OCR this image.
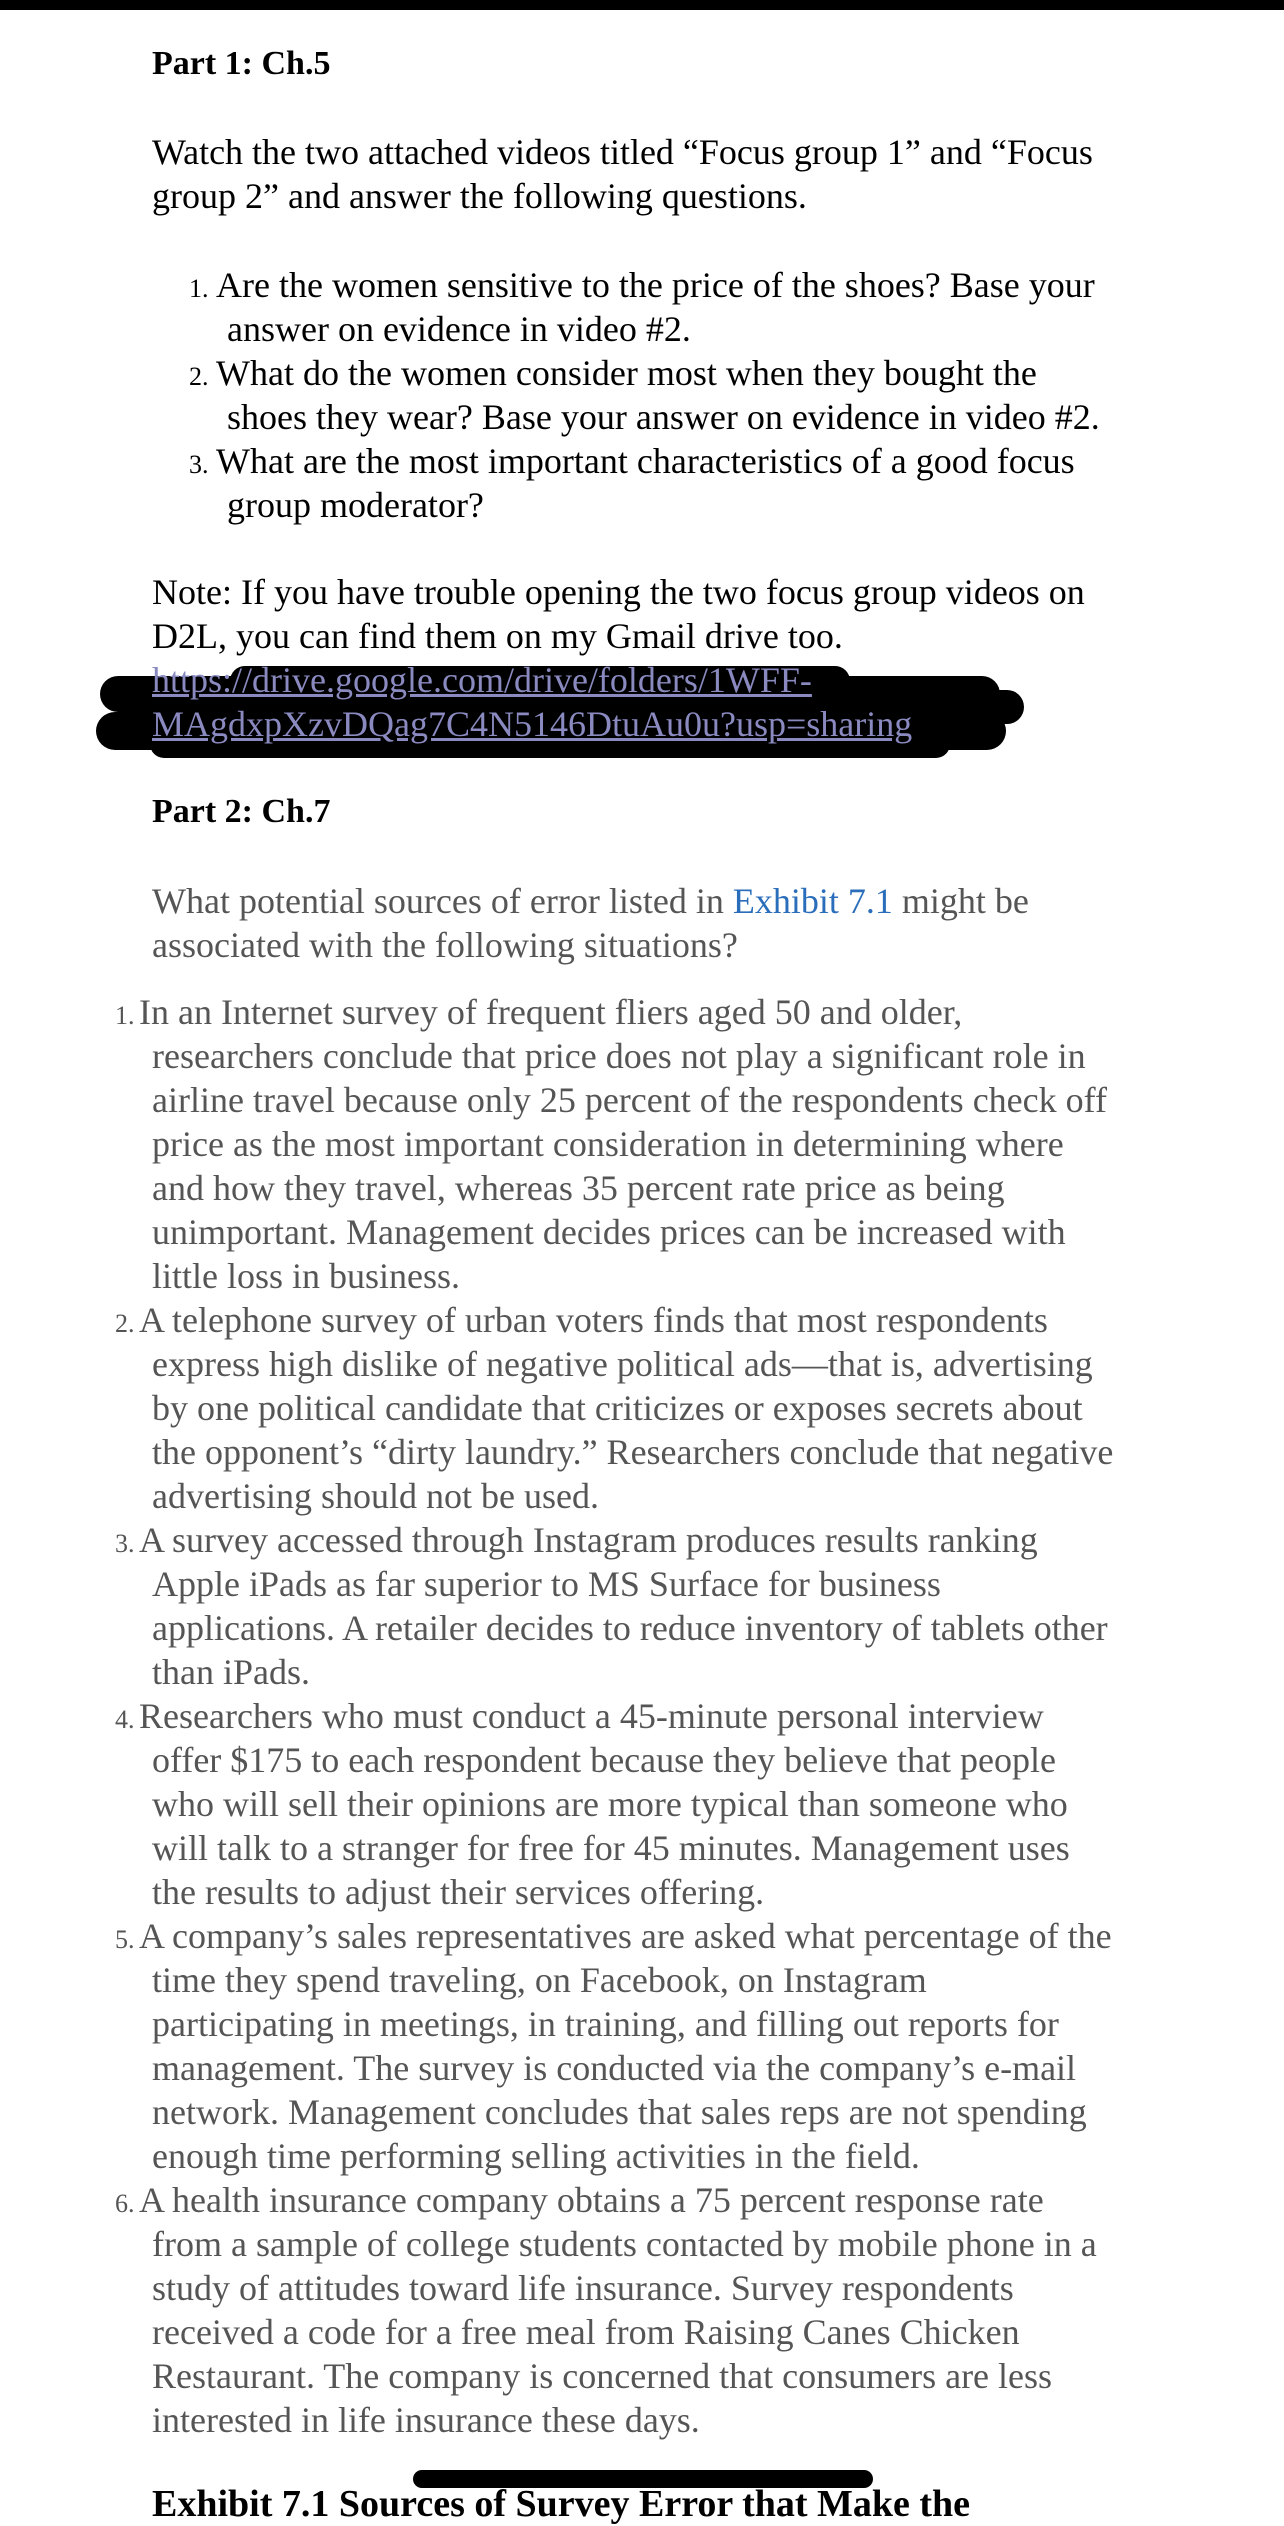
Part 1: Ch.5
Watch the two attached videos titled “Focus group 1” and “Focus
group 2” and answer the following questions.
1. Are the women sensitive to the price of the shoes? Base your
answer on evidence in video #2.
2. What do the women consider most when they bought the
shoes they wear? Base your answer on evidence in video #2.
3. What are the most important characteristics of a good focus
group moderator?
Note: If you have trouble opening the two focus group videos on
D2L, you can find them on my Gmail drive too.
https://drive.google.com/drive/folders/1WFF-
MAgdxpXzvDQag7C4N5146DtuAu0u?usp=sharing
Part 2: Ch.7
What potential sources of error listed in Exhibit 7.1 might be
associated with the following situations?
1. In an Internet survey of frequent fliers aged 50 and older,
researchers conclude that price does not play a significant role in
airline travel because only 25 percent of the respondents check off
price as the most important consideration in determining where
and how they travel, whereas 35 percent rate price as being
unimportant. Management decides prices can be increased with
little loss in business.
2. A telephone survey of urban voters finds that most respondents
express high dislike of negative political ads—that is, advertising
by one political candidate that criticizes or exposes secrets about
the opponent’s “dirty laundry.” Researchers conclude that negative
advertising should not be used.
3. A survey accessed through Instagram produces results ranking
Apple iPads as far superior to MS Surface for business
applications. A retailer decides to reduce inventory of tablets other
than iPads.
4. Researchers who must conduct a 45-minute personal interview
offer $175 to each respondent because they believe that people
who will sell their opinions are more typical than someone who
will talk to a stranger for free for 45 minutes. Management uses
the results to adjust their services offering.
5. A company’s sales representatives are asked what percentage of the
time they spend traveling, on Facebook, on Instagram
participating in meetings, in training, and filling out reports for
management. The survey is conducted via the company’s e-mail
network. Management concludes that sales reps are not spending
enough time performing selling activities in the field.
6. A health insurance company obtains a 75 percent response rate
from a sample of college students contacted by mobile phone in a
study of attitudes toward life insurance. Survey respondents
received a code for a free meal from Raising Canes Chicken
Restaurant. The company is concerned that consumers are less
interested in life insurance these days.
Exhibit 7.1 Sources of Survey Error that Make the
